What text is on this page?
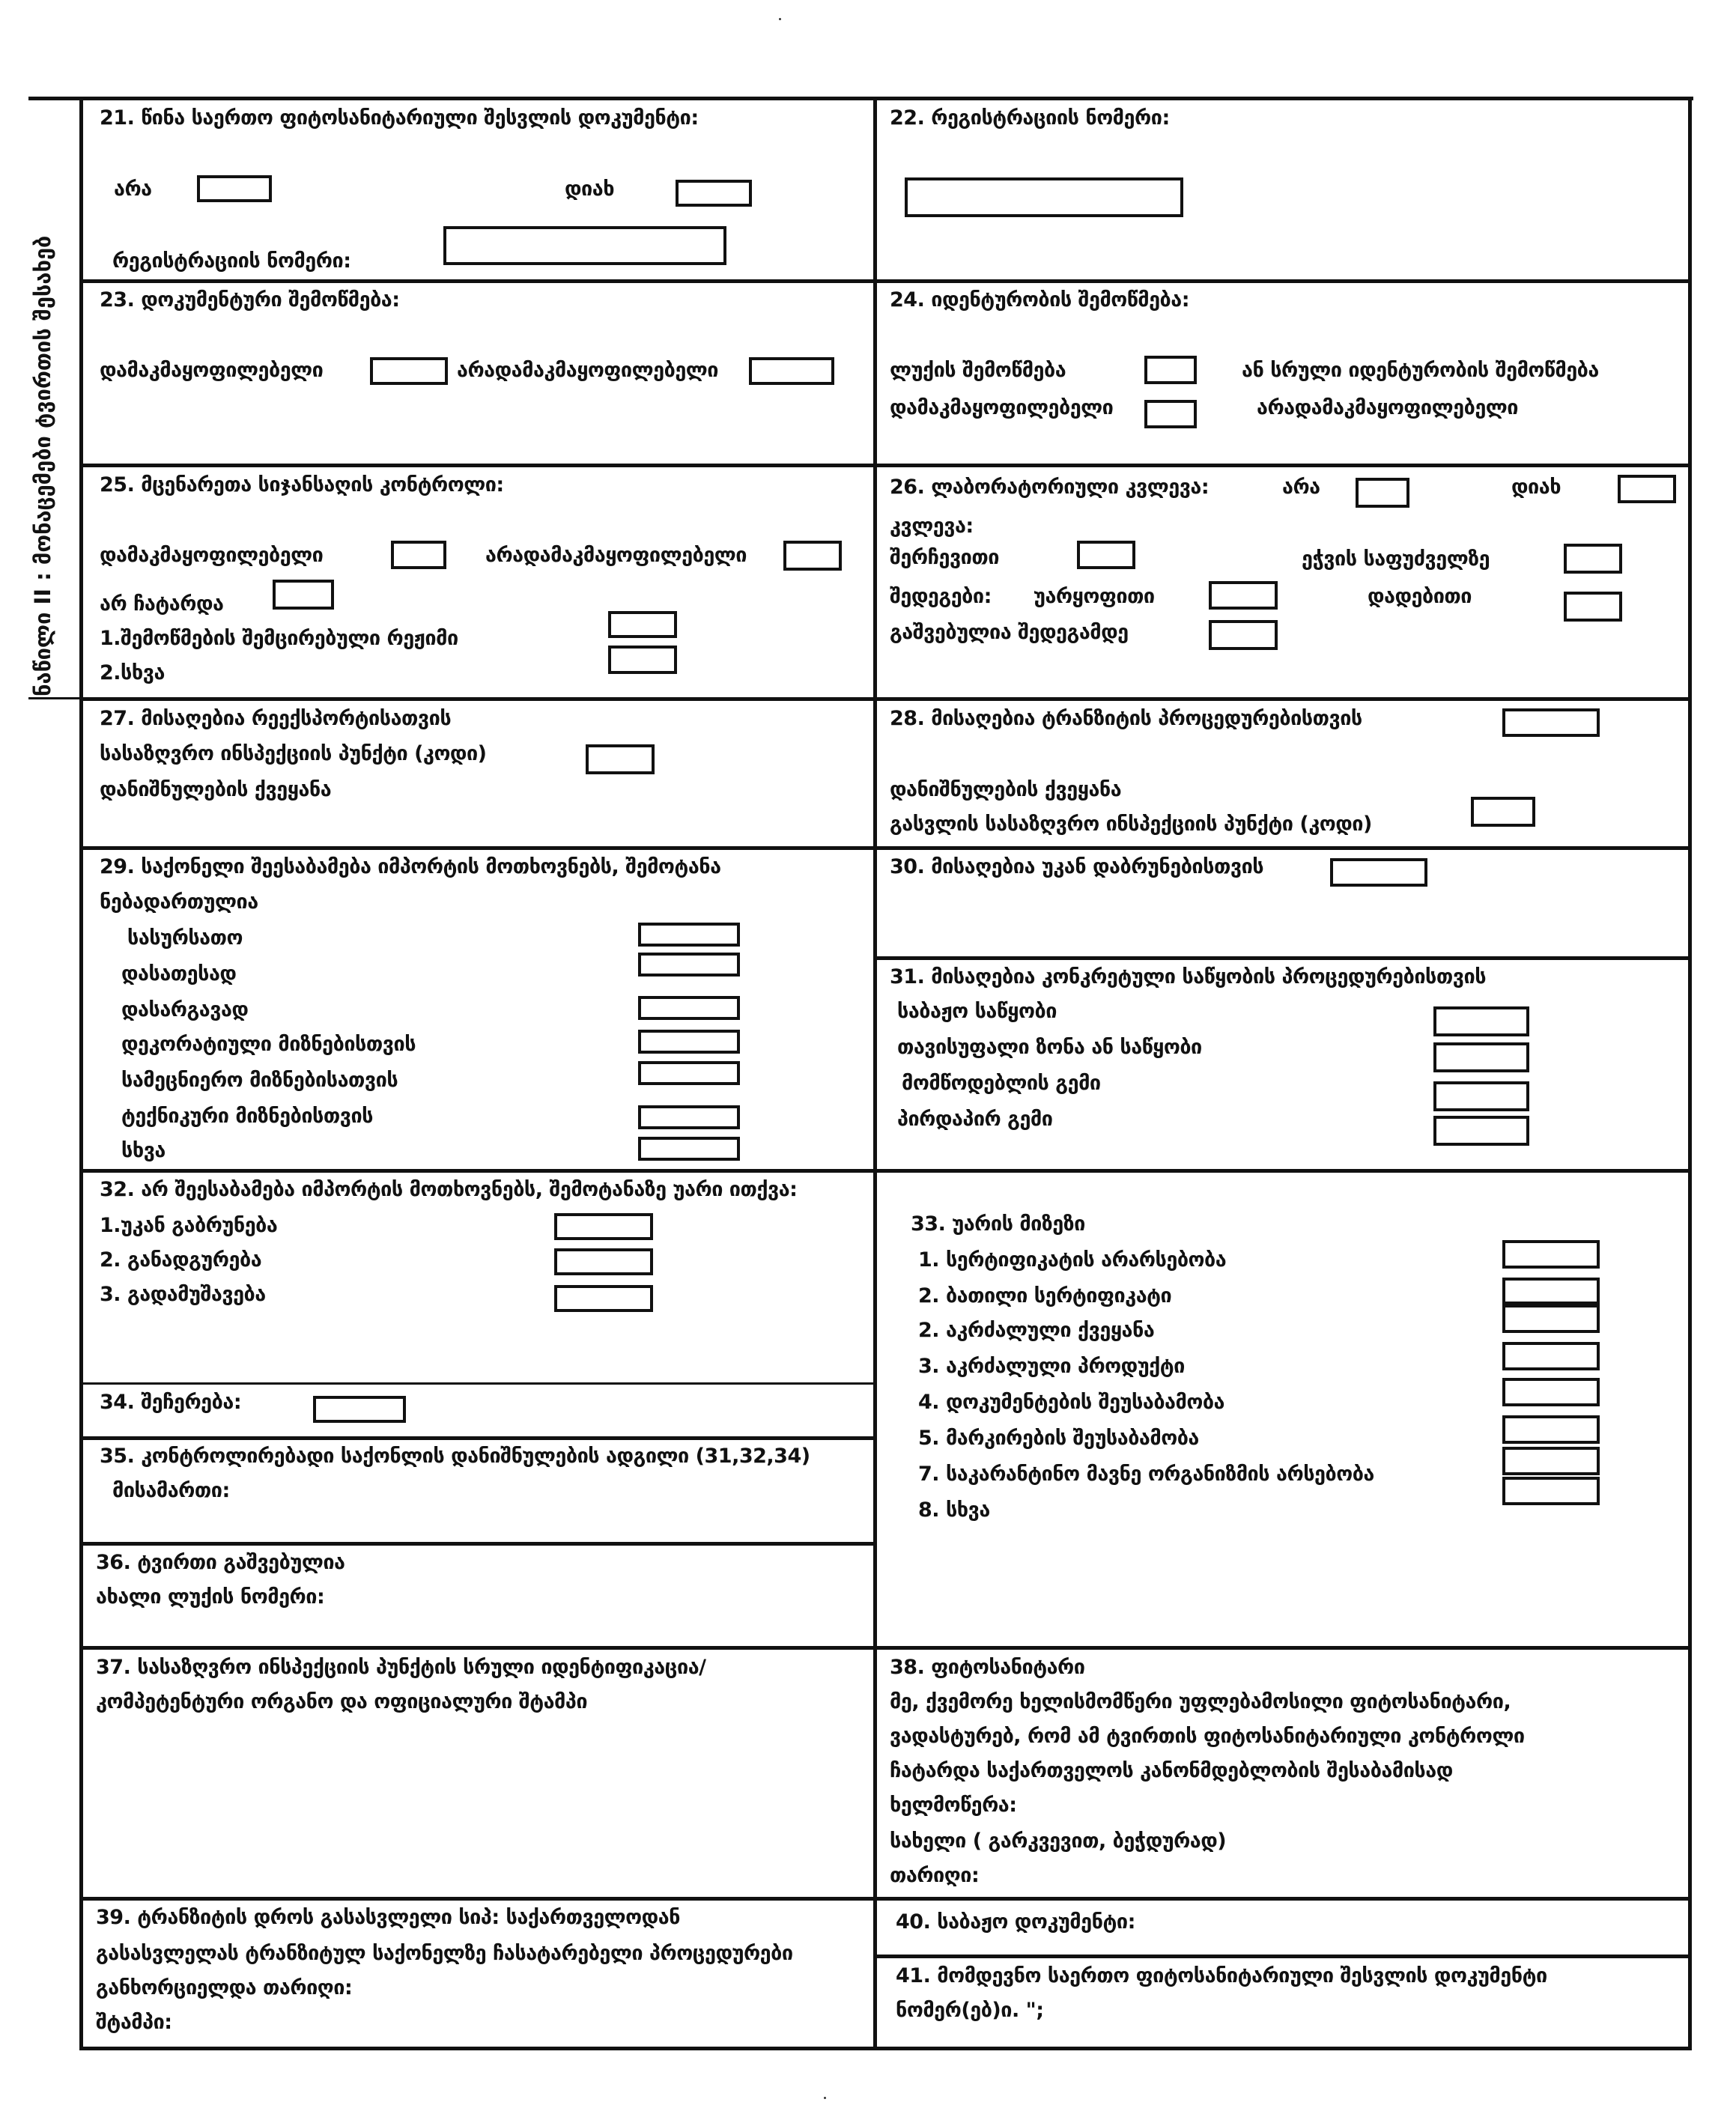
ნაწილი II : მონაცემები ტვირთის შესახებ
21. წინა საერთო ფიტოსანიტარიული შესვლის დოკუმენტი:
არა	დიახ
რეგისტრაციის ნომერი:
22. რეგისტრაციის ნომერი:
23. დოკუმენტური შემოწმება:
დამაკმაყოფილებელი	არადამაკმაყოფილებელი
24. იდენტურობის შემოწმება:
ლუქის შემოწმება	ან სრული იდენტურობის შემოწმება
დამაკმაყოფილებელი	არადამაკმაყოფილებელი
25. მცენარეთა სიჯანსაღის კონტროლი:
დამაკმაყოფილებელი	არადამაკმაყოფილებელი
არ ჩატარდა
1.შემოწმების შემცირებული რეჟიმი
2.სხვა
26. ლაბორატორიული კვლევა:	არა	დიახ
კვლევა:
შერჩევითი	ეჭვის საფუძველზე
შედეგები: უარყოფითი	დადებითი
გაშვებულია შედეგამდე
27. მისაღებია რეექსპორტისათვის
სასაზღვრო ინსპექციის პუნქტი (კოდი)
დანიშნულების ქვეყანა
28. მისაღებია ტრანზიტის პროცედურებისთვის
დანიშნულების ქვეყანა
გასვლის სასაზღვრო ინსპექციის პუნქტი (კოდი)
29. საქონელი შეესაბამება იმპორტის მოთხოვნებს, შემოტანა
ნებადართულია
სასურსათო
დასათესად
დასარგავად
დეკორატიული მიზნებისთვის
სამეცნიერო მიზნებისათვის
ტექნიკური მიზნებისთვის
სხვა
30. მისაღებია უკან დაბრუნებისთვის
31. მისაღებია კონკრეტული საწყობის პროცედურებისთვის
საბაჟო საწყობი
თავისუფალი ზონა ან საწყობი
მომწოდებლის გემი
პირდაპირ გემი
32. არ შეესაბამება იმპორტის მოთხოვნებს, შემოტანაზე უარი ითქვა:
1.უკან გაბრუნება
2. განადგურება
3. გადამუშავება
33. უარის მიზეზი
1. სერტიფიკატის არარსებობა
2. ბათილი სერტიფიკატი
2. აკრძალული ქვეყანა
3. აკრძალული პროდუქტი
4. დოკუმენტების შეუსაბამობა
5. მარკირების შეუსაბამობა
7. საკარანტინო მავნე ორგანიზმის არსებობა
8. სხვა
34. შეჩერება:
35. კონტროლირებადი საქონლის დანიშნულების ადგილი (31,32,34)
მისამართი:
36. ტვირთი გაშვებულია
ახალი ლუქის ნომერი:
37. სასაზღვრო ინსპექციის პუნქტის სრული იდენტიფიკაცია/
კომპეტენტური ორგანო და ოფიციალური შტამპი
38. ფიტოსანიტარი
მე, ქვემორე ხელისმომწერი უფლებამოსილი ფიტოსანიტარი,
ვადასტურებ, რომ ამ ტვირთის ფიტოსანიტარიული კონტროლი
ჩატარდა საქართველოს კანონმდებლობის შესაბამისად
ხელმოწერა:
სახელი ( გარკვევით, ბეჭდურად)
თარიღი:
39. ტრანზიტის დროს გასასვლელი სიპ: საქართველოდან
გასასვლელას ტრანზიტულ საქონელზე ჩასატარებელი პროცედურები
განხორციელდა თარიღი:
შტამპი:
40. საბაჟო დოკუმენტი:
41. მომდევნო საერთო ფიტოსანიტარიული შესვლის დოკუმენტი
ნომერ(ებ)ი. ";
